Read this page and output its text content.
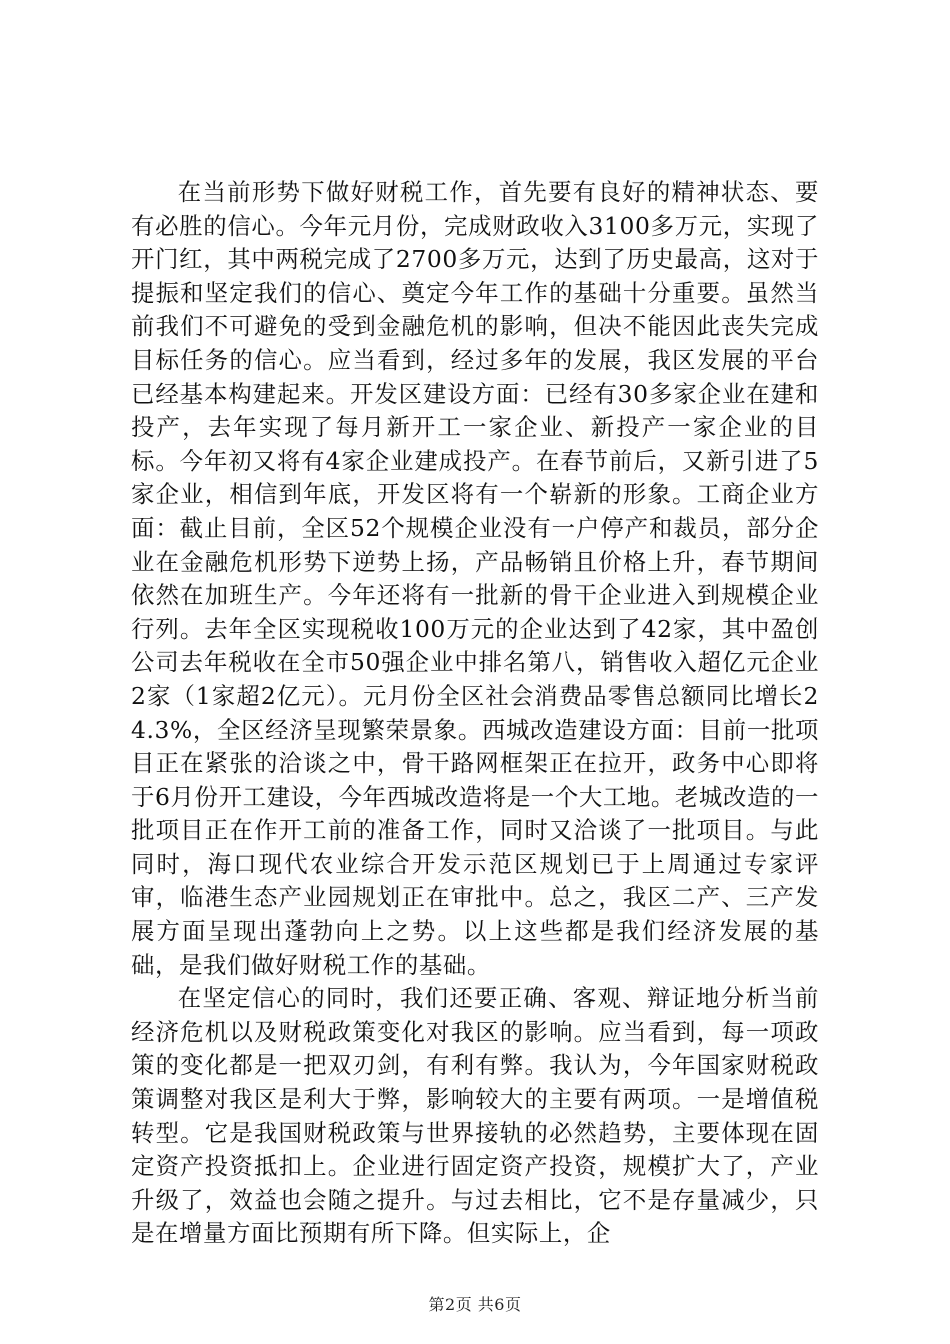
在当前形势下做好财税工作，首先要有良好的精神状态、要有必胜的信心。今年元月份，完成财政收入3100多万元，实现了开门红，其中两税完成了2700多万元，达到了历史最高，这对于提振和坚定我们的信心、奠定今年工作的基础十分重要。虽然当前我们不可避免的受到金融危机的影响，但决不能因此丧失完成目标任务的信心。应当看到，经过多年的发展，我区发展的平台已经基本构建起来。开发区建设方面：已经有30多家企业在建和投产，去年实现了每月新开工一家企业、新投产一家企业的目标。今年初又将有4家企业建成投产。在春节前后，又新引进了5家企业，相信到年底，开发区将有一个崭新的形象。工商企业方面：截止目前，全区52个规模企业没有一户停产和裁员，部分企业在金融危机形势下逆势上扬，产品畅销且价格上升，春节期间依然在加班生产。今年还将有一批新的骨干企业进入到规模企业行列。去年全区实现税收100万元的企业达到了42家，其中盈创公司去年税收在全市50强企业中排名第八，销售收入超亿元企业2家（1家超2亿元）。元月份全区社会消费品零售总额同比增长24.3%，全区经济呈现繁荣景象。西城改造建设方面：目前一批项目正在紧张的洽谈之中，骨干路网框架正在拉开，政务中心即将于6月份开工建设，今年西城改造将是一个大工地。老城改造的一批项目正在作开工前的准备工作，同时又洽谈了一批项目。与此同时，海口现代农业综合开发示范区规划已于上周通过专家评审，临港生态产业园规划正在审批中。总之，我区二产、三产发展方面呈现出蓬勃向上之势。以上这些都是我们经济发展的基础，是我们做好财税工作的基础。

在坚定信心的同时，我们还要正确、客观、辩证地分析当前经济危机以及财税政策变化对我区的影响。应当看到，每一项政策的变化都是一把双刃剑，有利有弊。我认为，今年国家财税政策调整对我区是利大于弊，影响较大的主要有两项。一是增值税转型。它是我国财税政策与世界接轨的必然趋势，主要体现在固定资产投资抵扣上。企业进行固定资产投资，规模扩大了，产业升级了，效益也会随之提升。与过去相比，它不是存量减少，只是在增量方面比预期有所下降。但实际上，企

第2页 共6页
